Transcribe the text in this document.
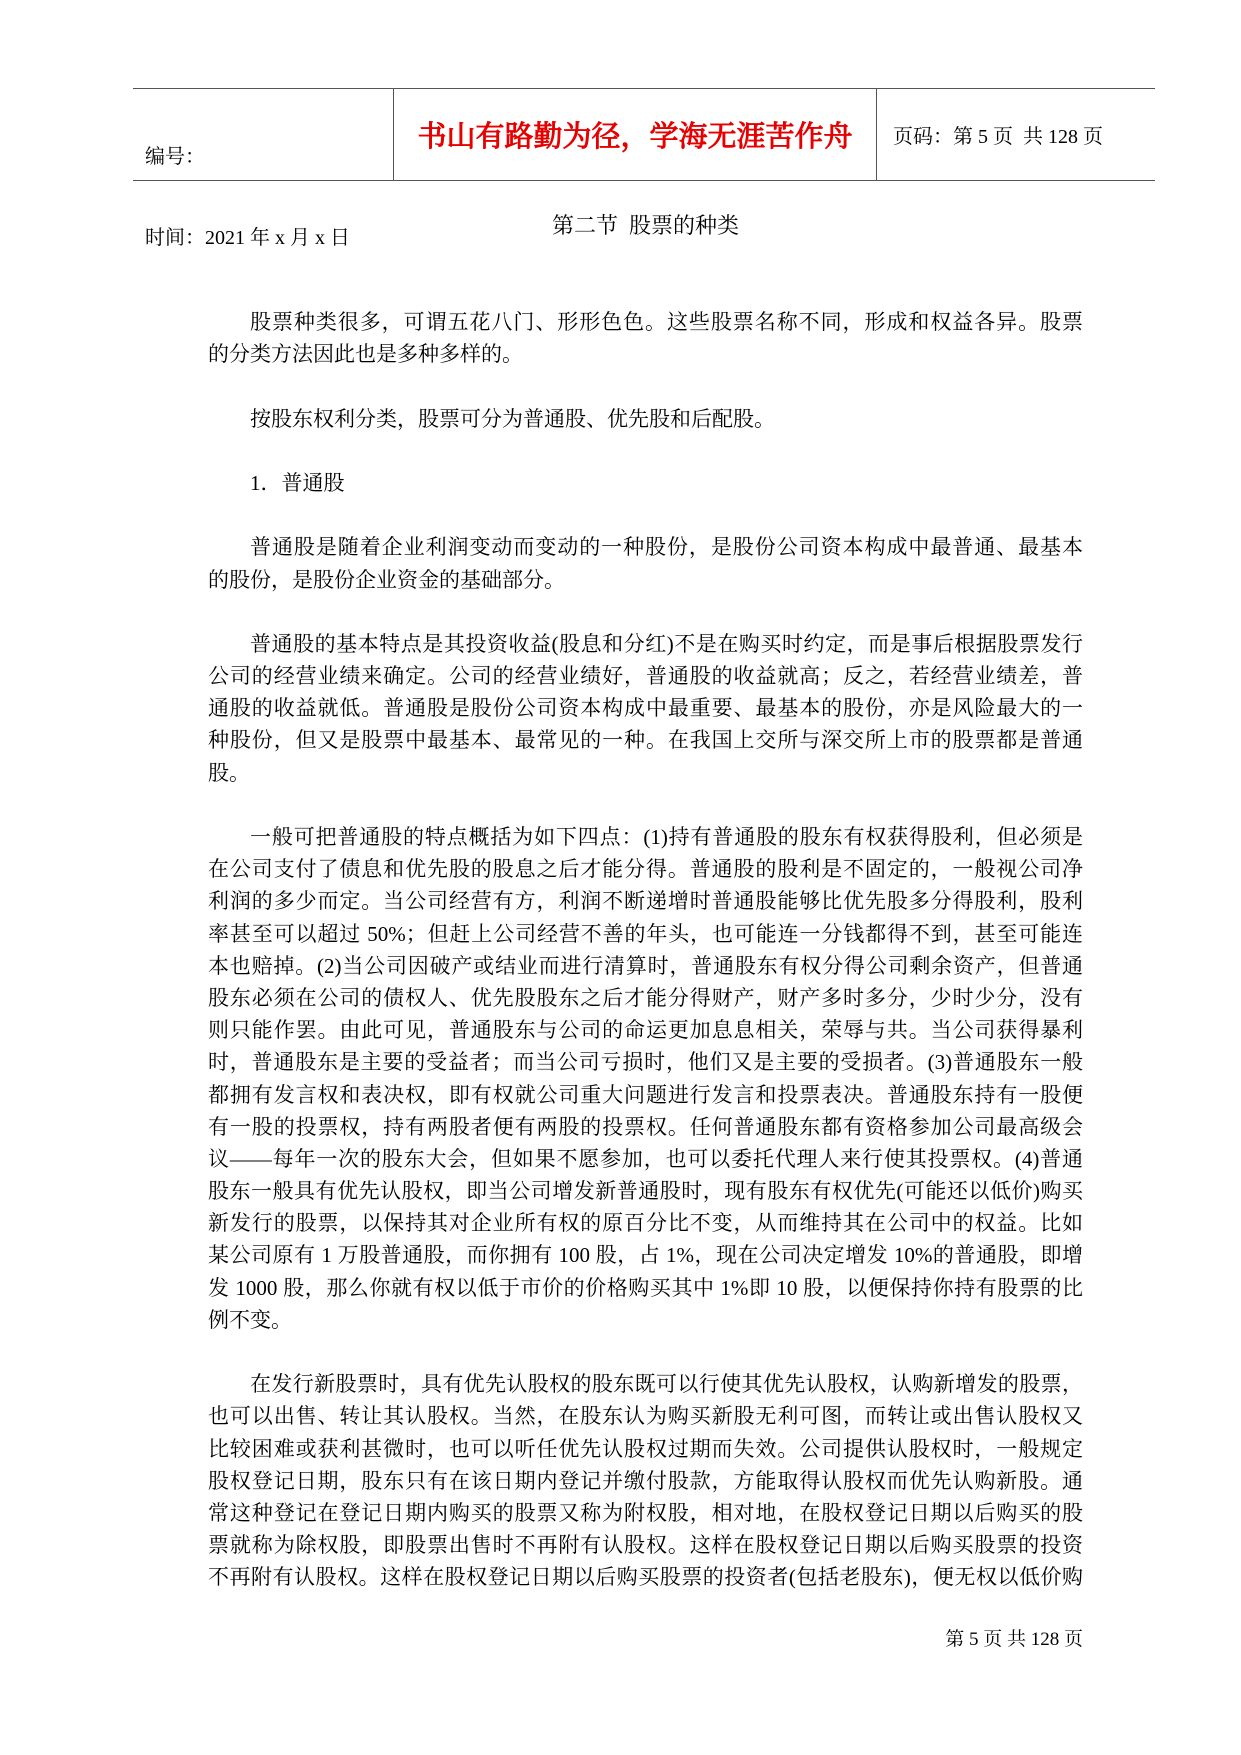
编号：

时间：2021 年 x 月 x 日

书山有路勤为径，学海无涯苦作舟 页码：第 5 页  共 128 页
第二节  股票的种类
股票种类很多，可谓五花八门、形形色色。这些股票名称不同，形成和权益各异。股票
的分类方法因此也是多种多样的。
按股东权利分类，股票可分为普通股、优先股和后配股。
1．普通股
普通股是随着企业利润变动而变动的一种股份，是股份公司资本构成中最普通、最基本
的股份，是股份企业资金的基础部分。
普通股的基本特点是其投资收益(股息和分红)不是在购买时约定，而是事后根据股票发行
公司的经营业绩来确定。公司的经营业绩好，普通股的收益就高；反之，若经营业绩差，普
通股的收益就低。普通股是股份公司资本构成中最重要、最基本的股份，亦是风险最大的一
种股份，但又是股票中最基本、最常见的一种。在我国上交所与深交所上市的股票都是普通
股。
一般可把普通股的特点概括为如下四点：(1)持有普通股的股东有权获得股利，但必须是
在公司支付了债息和优先股的股息之后才能分得。普通股的股利是不固定的，一般视公司净
利润的多少而定。当公司经营有方，利润不断递增时普通股能够比优先股多分得股利，股利
率甚至可以超过 50%；但赶上公司经营不善的年头，也可能连一分钱都得不到，甚至可能连
本也赔掉。(2)当公司因破产或结业而进行清算时，普通股东有权分得公司剩余资产，但普通
股东必须在公司的债权人、优先股股东之后才能分得财产，财产多时多分，少时少分，没有
则只能作罢。由此可见，普通股东与公司的命运更加息息相关，荣辱与共。当公司获得暴利
时，普通股东是主要的受益者；而当公司亏损时，他们又是主要的受损者。(3)普通股东一般
都拥有发言权和表决权，即有权就公司重大问题进行发言和投票表决。普通股东持有一股便
有一股的投票权，持有两股者便有两股的投票权。任何普通股东都有资格参加公司最高级会
议——每年一次的股东大会，但如果不愿参加，也可以委托代理人来行使其投票权。(4)普通
股东一般具有优先认股权，即当公司增发新普通股时，现有股东有权优先(可能还以低价)购买
新发行的股票，以保持其对企业所有权的原百分比不变，从而维持其在公司中的权益。比如
某公司原有 1 万股普通股，而你拥有 100 股，占 1%，现在公司决定增发 10%的普通股，即增
发 1000 股，那么你就有权以低于市价的价格购买其中 1%即 10 股，以便保持你持有股票的比
例不变。
在发行新股票时，具有优先认股权的股东既可以行使其优先认股权，认购新增发的股票，
也可以出售、转让其认股权。当然，在股东认为购买新股无利可图，而转让或出售认股权又
比较困难或获利甚微时，也可以听任优先认股权过期而失效。公司提供认股权时，一般规定
股权登记日期，股东只有在该日期内登记并缴付股款，方能取得认股权而优先认购新股。通
常这种登记在登记日期内购买的股票又称为附权股，相对地，在股权登记日期以后购买的股
票就称为除权股，即股票出售时不再附有认股权。这样在股权登记日期以后购买股票的投资
不再附有认股权。这样在股权登记日期以后购买股票的投资者(包括老股东)，便无权以低价购
第 5 页 共 128 页
